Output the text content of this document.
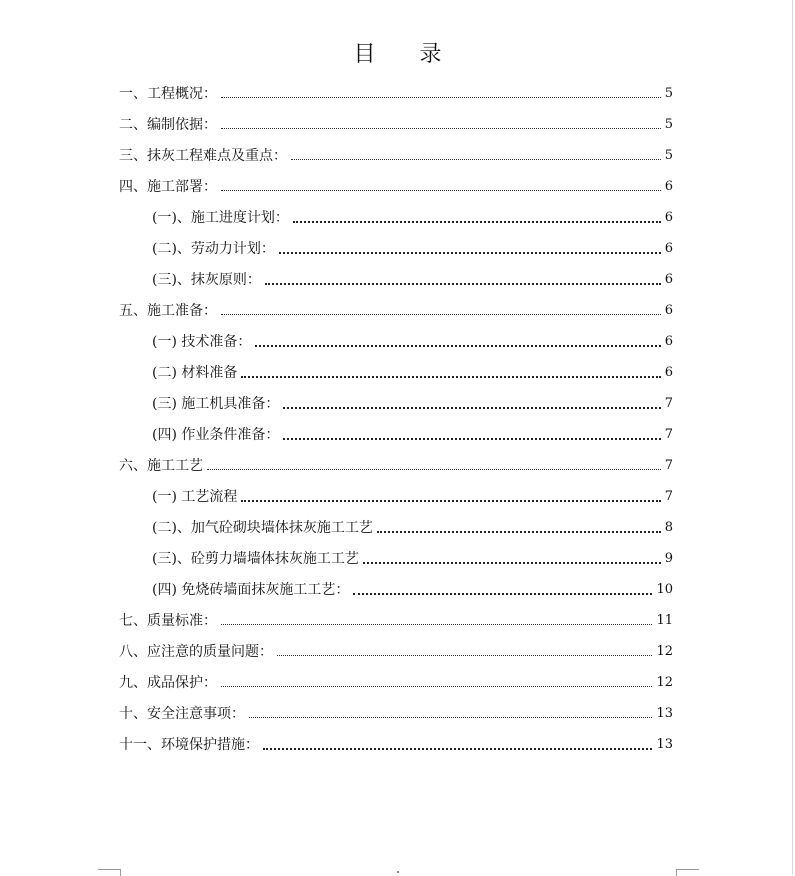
目　　录
一、工程概况：	5
二、编制依据：	5
三、抹灰工程难点及重点：	5
四、施工部署：	6
(一)、施工进度计划：	6
(二)、劳动力计划：	6
(三)、抹灰原则：	6
五、施工准备：	6
(一) 技术准备：	6
(二) 材料准备	6
(三) 施工机具准备：	7
(四) 作业条件准备：	7
六、施工工艺	7
(一) 工艺流程	7
(二)、加气砼砌块墙体抹灰施工工艺	8
(三)、砼剪力墙墙体抹灰施工工艺	9
(四) 免烧砖墙面抹灰施工工艺：	10
七、质量标准：	11
八、应注意的质量问题：	12
九、成品保护：	12
十、安全注意事项：	13
十一、环境保护措施：	13
